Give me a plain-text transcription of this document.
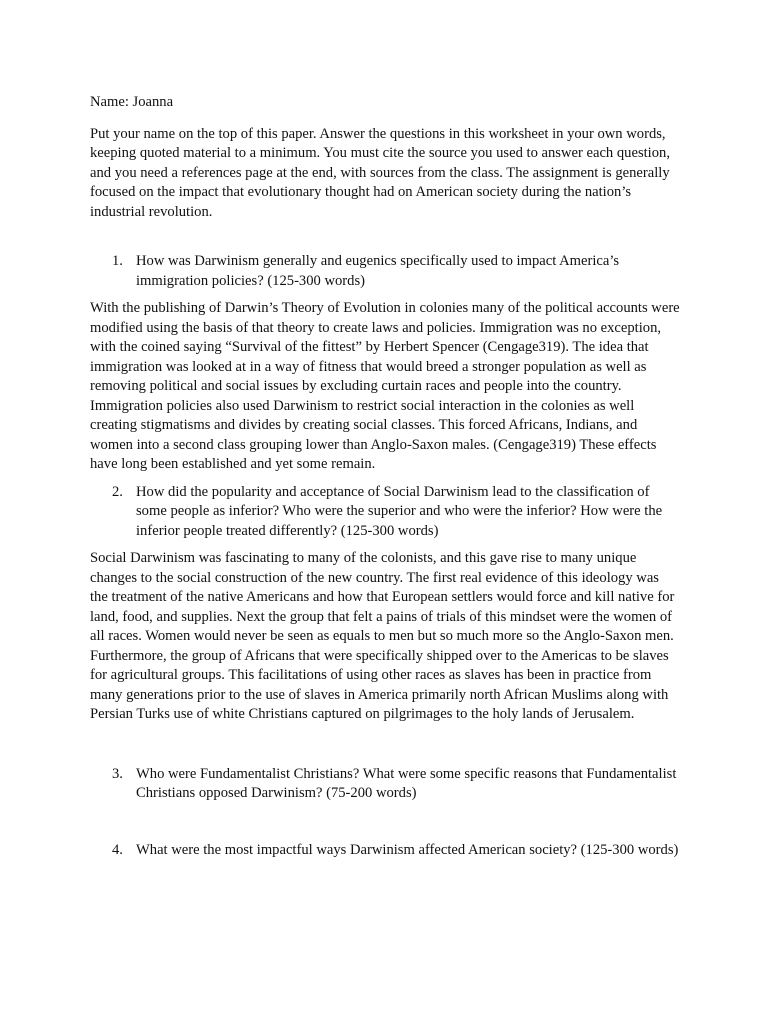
Name: Joanna

Put your name on the top of this paper. Answer the questions in this worksheet in your own words, keeping quoted material to a minimum. You must cite the source you used to answer each question, and you need a references page at the end, with sources from the class. The assignment is generally focused on the impact that evolutionary thought had on American society during the nation’s industrial revolution.

1. How was Darwinism generally and eugenics specifically used to impact America’s immigration policies? (125-300 words)

With the publishing of Darwin’s Theory of Evolution in colonies many of the political accounts were modified using the basis of that theory to create laws and policies. Immigration was no exception, with the coined saying “Survival of the fittest” by Herbert Spencer (Cengage319). The idea that immigration was looked at in a way of fitness that would breed a stronger population as well as removing political and social issues by excluding curtain races and people into the country. Immigration policies also used Darwinism to restrict social interaction in the colonies as well creating stigmatisms and divides by creating social classes. This forced Africans, Indians, and women into a second class grouping lower than Anglo-Saxon males. (Cengage319) These effects have long been established and yet some remain.

2. How did the popularity and acceptance of Social Darwinism lead to the classification of some people as inferior? Who were the superior and who were the inferior? How were the inferior people treated differently? (125-300 words)

Social Darwinism was fascinating to many of the colonists, and this gave rise to many unique changes to the social construction of the new country. The first real evidence of this ideology was the treatment of the native Americans and how that European settlers would force and kill native for land, food, and supplies. Next the group that felt a pains of trials of this mindset were the women of all races. Women would never be seen as equals to men but so much more so the Anglo-Saxon men. Furthermore, the group of Africans that were specifically shipped over to the Americas to be slaves for agricultural groups. This facilitations of using other races as slaves has been in practice from many generations prior to the use of slaves in America primarily north African Muslims along with Persian Turks use of white Christians captured on pilgrimages to the holy lands of Jerusalem.

3. Who were Fundamentalist Christians? What were some specific reasons that Fundamentalist Christians opposed Darwinism? (75-200 words)
4. What were the most impactful ways Darwinism affected American society? (125-300 words)
